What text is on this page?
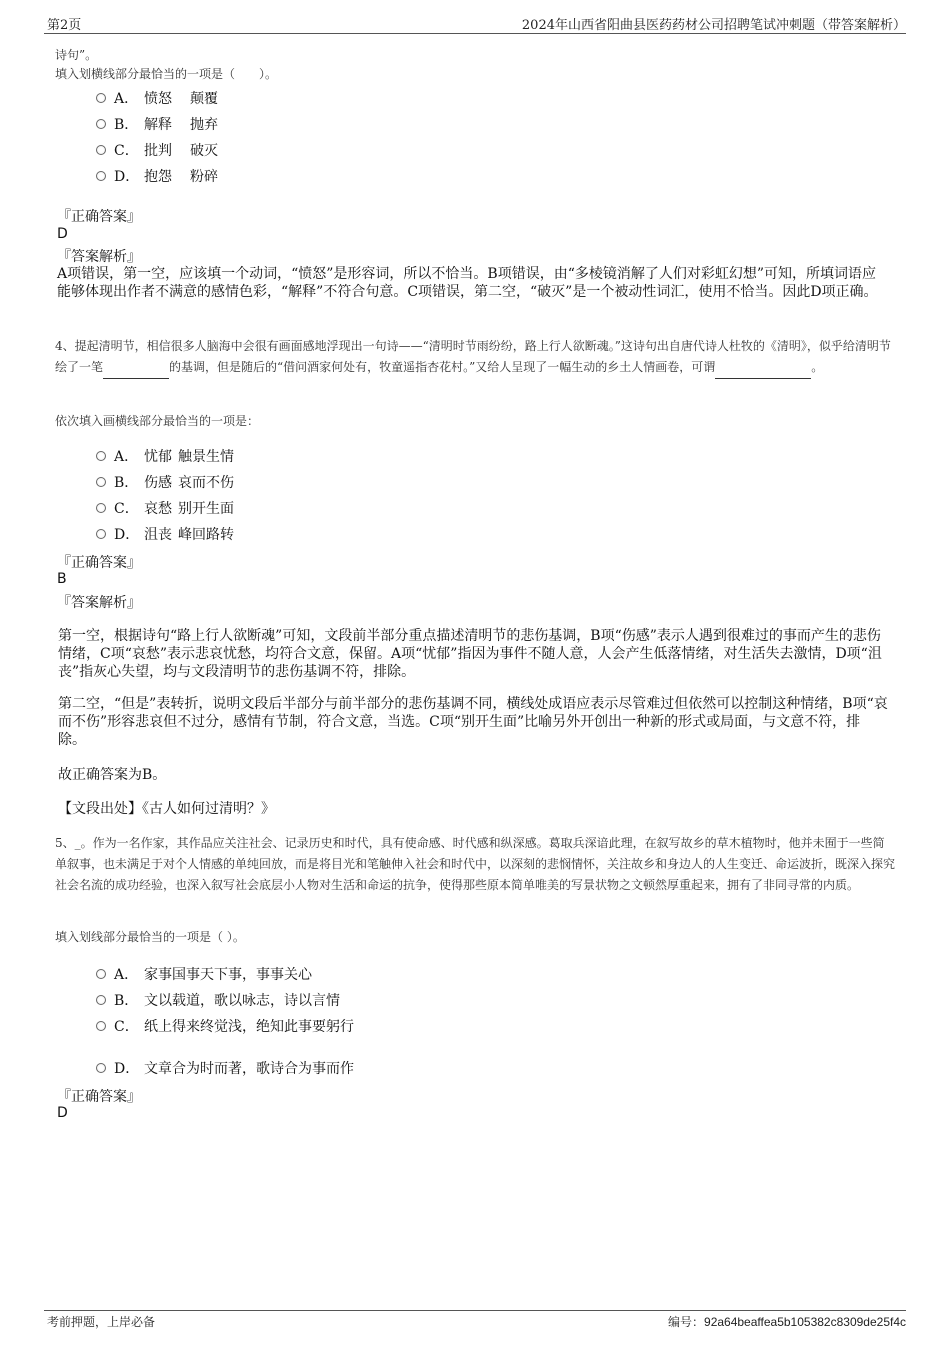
第2页	2024年山西省阳曲县医药药材公司招聘笔试冲刺题（带答案解析）
诗句”。
填入划横线部分最恰当的一项是（　　）。
A． 愤怒 颠覆
B． 解释 抛弃
C． 批判 破灭
D． 抱怨 粉碎
『正确答案』
D
『答案解析』
A项错误，第一空，应该填一个动词，“愤怒”是形容词，所以不恰当。B项错误，由“多棱镜消解了人们对彩虹幻想”可知，所填词语应能够体现出作者不满意的感情色彩，“解释”不符合句意。C项错误，第二空，“破灭”是一个被动性词汇，使用不恰当。因此D项正确。
4、提起清明节，相信很多人脑海中会很有画面感地浮现出一句诗——“清明时节雨纷纷，路上行人欲断魂。”这诗句出自唐代诗人杜牧的《清明》，似乎给清明节绘了一笔	的基调，但是随后的“借问酒家何处有，牧童遥指杏花村。”又给人呈现了一幅生动的乡土人情画卷，可谓	。
依次填入画横线部分最恰当的一项是：
A． 忧郁 触景生情
B． 伤感 哀而不伤
C． 哀愁 别开生面
D． 沮丧 峰回路转
『正确答案』
B
『答案解析』
第一空，根据诗句“路上行人欲断魂”可知，文段前半部分重点描述清明节的悲伤基调，B项“伤感”表示人遇到很难过的事而产生的悲伤情绪，C项“哀愁”表示悲哀忧愁，均符合文意，保留。A项“忧郁”指因为事件不随人意，人会产生低落情绪，对生活失去激情，D项“沮丧”指灰心失望，均与文段清明节的悲伤基调不符，排除。
第二空，“但是”表转折，说明文段后半部分与前半部分的悲伤基调不同，横线处成语应表示尽管难过但依然可以控制这种情绪，B项“哀而不伤”形容悲哀但不过分，感情有节制，符合文意，当选。C项“别开生面”比喻另外开创出一种新的形式或局面，与文意不符，排除。
故正确答案为B。
【文段出处】《古人如何过清明？》
5、_。作为一名作家，其作品应关注社会、记录历史和时代，具有使命感、时代感和纵深感。葛取兵深谙此理，在叙写故乡的草木植物时，他并未囿于一些简单叙事，也未满足于对个人情感的单纯回放，而是将目光和笔触伸入社会和时代中，以深刻的悲悯情怀，关注故乡和身边人的人生变迁、命运波折，既深入探究社会名流的成功经验，也深入叙写社会底层小人物对生活和命运的抗争，使得那些原本简单唯美的写景状物之文顿然厚重起来，拥有了非同寻常的内质。
填入划线部分最恰当的一项是（ ）。
A． 家事国事天下事，事事关心
B． 文以载道，歌以咏志，诗以言情
C． 纸上得来终觉浅，绝知此事要躬行
D． 文章合为时而著，歌诗合为事而作
『正确答案』
D
考前押题，上岸必备	编号：92a64beaffea5b105382c8309de25f4c
